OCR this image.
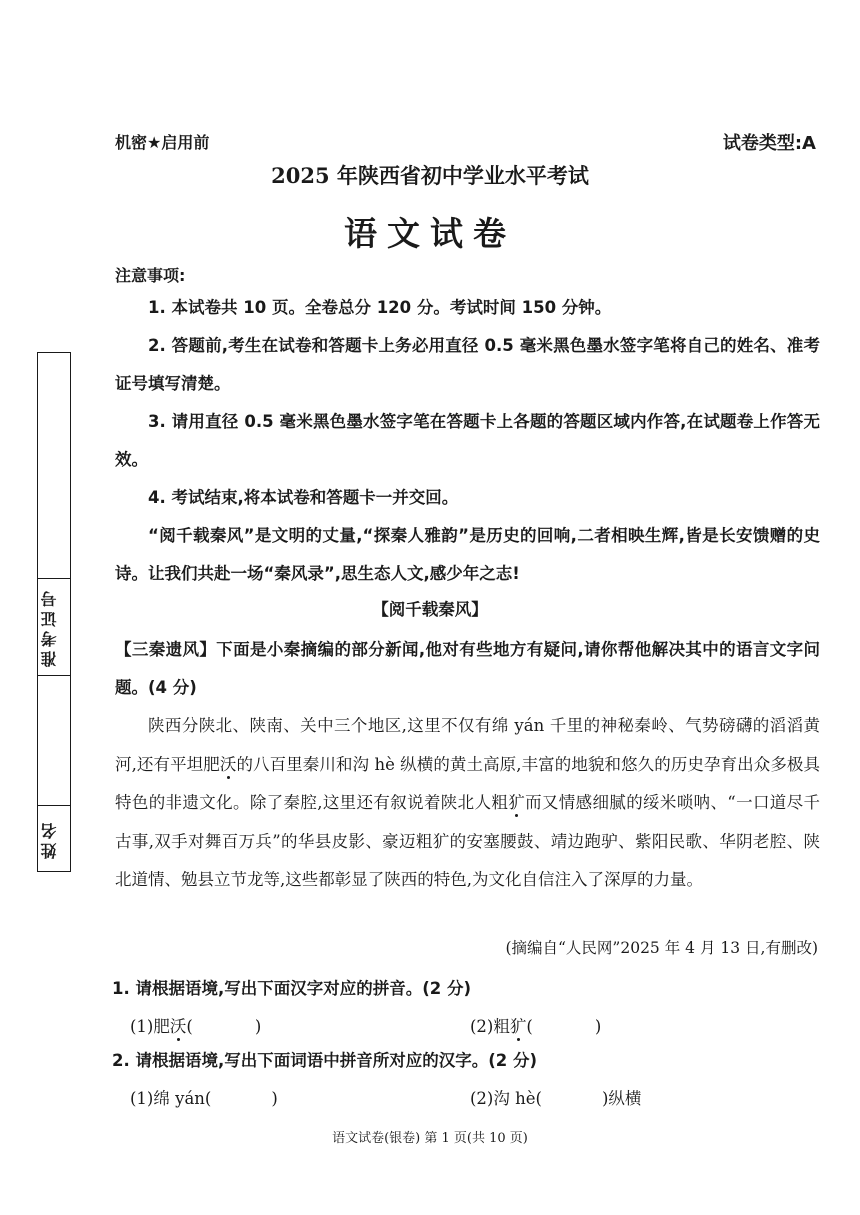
机密★启用前	试卷类型:A
2025 年陕西省初中学业水平考试
语文试卷
注意事项:
1. 本试卷共 10 页。全卷总分 120 分。考试时间 150 分钟。
2. 答题前,考生在试卷和答题卡上务必用直径 0.5 毫米黑色墨水签字笔将自己的姓名、准考证号填写清楚。
3. 请用直径 0.5 毫米黑色墨水签字笔在答题卡上各题的答题区域内作答,在试题卷上作答无效。
4. 考试结束,将本试卷和答题卡一并交回。
“阅千载秦风”是文明的丈量,“探秦人雅韵”是历史的回响,二者相映生辉,皆是长安馈赠的史诗。让我们共赴一场“秦风录”,思生态人文,感少年之志!
【阅千载秦风】
【三秦遗风】下面是小秦摘编的部分新闻,他对有些地方有疑问,请你帮他解决其中的语言文字问题。(4 分)
陕西分陕北、陕南、关中三个地区,这里不仅有绵 yán 千里的神秘秦岭、气势磅礴的滔滔黄河,还有平坦肥沃的八百里秦川和沟 hè 纵横的黄土高原,丰富的地貌和悠久的历史孕育出众多极具特色的非遗文化。除了秦腔,这里还有叙说着陕北人粗犷而又情感细腻的绥米唢呐、“一口道尽千古事,双手对舞百万兵”的华县皮影、豪迈粗犷的安塞腰鼓、靖边跑驴、紫阳民歌、华阴老腔、陕北道情、勉县立节龙等,这些都彰显了陕西的特色,为文化自信注入了深厚的力量。
(摘编自“人民网”2025 年 4 月 13 日,有删改)
1. 请根据语境,写出下面汉字对应的拼音。(2 分)
(1)肥沃(	)	(2)粗犷(	)
2. 请根据语境,写出下面词语中拼音所对应的汉字。(2 分)
(1)绵 yán(	)	(2)沟 hè(	)纵横
语文试卷(银卷) 第 1 页(共 10 页)
准考证号
姓名
